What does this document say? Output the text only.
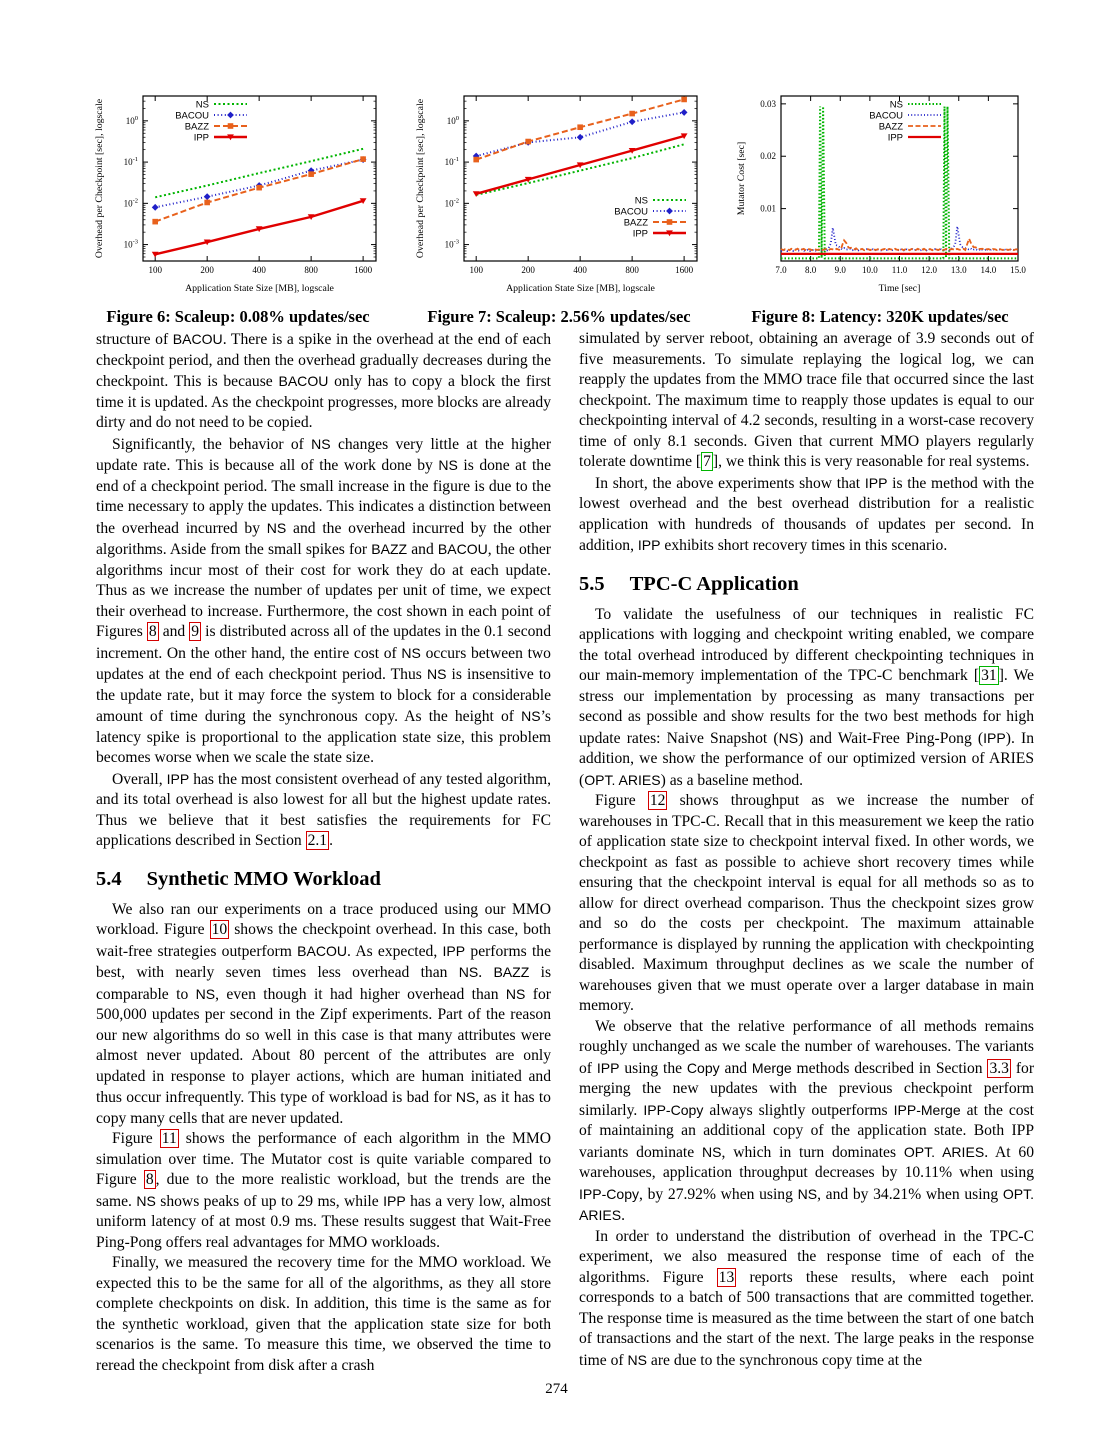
100	200	400	800	1600
$10^{-3}$
$10^{-2}$
$10^{-1}$
$10^0$
NS
BACOU
BAZZ
IPP
Application State Size [MB], logscale
Overhead per Checkpoint [sec], logscale
Figure 6: Scaleup: 0.08% updates/sec
100	200	400	800	1600
$10^{-3}$
$10^{-2}$
$10^{-1}$
$10^0$
NS
BACOU
BAZZ
IPP
Application State Size [MB], logscale
Overhead per Checkpoint [sec], logscale
Figure 7: Scaleup: 2.56% updates/sec
7.0 8.0 9.0 10.0 11.0 12.0 13.0 14.0 15.0
0.01
0.02
0.03	NS
BACOU
BAZZ
IPP
Time [sec]
Mutator Cost [sec]
Figure 8: Latency: 320K updates/sec

structure of BACOU. There is a spike in the overhead at the end of each checkpoint period, and then the overhead gradually decreases during the checkpoint. This is because BACOU only has to copy a block the first time it is updated. As the checkpoint progresses, more blocks are already dirty and do not need to be copied.

Significantly, the behavior of NS changes very little at the higher update rate. This is because all of the work done by NS is done at the end of a checkpoint period. The small increase in the figure is due to the time necessary to apply the updates. This indicates a distinction between the overhead incurred by NS and the overhead incurred by the other algorithms. Aside from the small spikes for BAZZ and BACOU, the other algorithms incur most of their cost for work they do at each update. Thus as we increase the number of updates per unit of time, we expect their overhead to increase. Furthermore, the cost shown in each point of Figures 8 and 9 is distributed across all of the updates in the 0.1 second increment. On the other hand, the entire cost of NS occurs between two updates at the end of each checkpoint period. Thus NS is insensitive to the update rate, but it may force the system to block for a considerable amount of time during the synchronous copy. As the height of NS’s latency spike is proportional to the application state size, this problem becomes worse when we scale the state size.

Overall, IPP has the most consistent overhead of any tested algorithm, and its total overhead is also lowest for all but the highest update rates. Thus we believe that it best satisfies the requirements for FC applications described in Section 2.1 .

5.4 Synthetic MMO Workload

We also ran our experiments on a trace produced using our MMO workload. Figure 10 shows the checkpoint overhead. In this case, both wait-free strategies outperform BACOU. As expected, IPP performs the best, with nearly seven times less overhead than NS. BAZZ is comparable to NS, even though it had higher overhead than NS for 500,000 updates per second in the Zipf experiments. Part of the reason our new algorithms do so well in this case is that many attributes were almost never updated. About 80 percent of the attributes are only updated in response to player actions, which are human initiated and thus occur infrequently. This type of workload is bad for NS, as it has to copy many cells that are never updated.

Figure 11 shows the performance of each algorithm in the MMO simulation over time. The Mutator cost is quite variable compared to Figure 8 , due to the more realistic workload, but the trends are the same. NS shows peaks of up to 29 ms, while IPP has a very low, almost uniform latency of at most 0.9 ms. These results suggest that Wait-Free Ping-Pong offers real advantages for MMO workloads.

Finally, we measured the recovery time for the MMO workload. We expected this to be the same for all of the algorithms, as they all store complete checkpoints on disk. In addition, this time is the same as for the synthetic workload, given that the application state size for both scenarios is the same. To measure this time, we observed the time to reread the checkpoint from disk after a crash

simulated by server reboot, obtaining an average of 3.9 seconds out of five measurements. To simulate replaying the logical log, we can reapply the updates from the MMO trace file that occurred since the last checkpoint. The maximum time to reapply those updates is equal to our checkpointing interval of 4.2 seconds, resulting in a worst-case recovery time of only 8.1 seconds. Given that current MMO players regularly tolerate downtime [ 7 ], we think this is very reasonable for real systems.

In short, the above experiments show that IPP is the method with the lowest overhead and the best overhead distribution for a realistic application with hundreds of thousands of updates per second. In addition, IPP exhibits short recovery times in this scenario.

5.5 TPC-C Application

To validate the usefulness of our techniques in realistic FC applications with logging and checkpoint writing enabled, we compare the total overhead introduced by different checkpointing techniques in our main-memory implementation of the TPC-C benchmark [ 31 ]. We stress our implementation by processing as many transactions per second as possible and show results for the two best methods for high update rates: Naive Snapshot (NS) and Wait-Free Ping-Pong (IPP). In addition, we show the performance of our optimized version of ARIES (OPT. ARIES) as a baseline method.

Figure 12 shows throughput as we increase the number of warehouses in TPC-C. Recall that in this measurement we keep the ratio of application state size to checkpoint interval fixed. In other words, we checkpoint as fast as possible to achieve short recovery times while ensuring that the checkpoint interval is equal for all methods so as to allow for direct overhead comparison. Thus the checkpoint sizes grow and so do the costs per checkpoint. The maximum attainable performance is displayed by running the application with checkpointing disabled. Maximum throughput declines as we scale the number of warehouses given that we must operate over a larger database in main memory.

We observe that the relative performance of all methods remains roughly unchanged as we scale the number of warehouses. The variants of IPP using the Copy and Merge methods described in Section 3.3 for merging the new updates with the previous checkpoint perform similarly. IPP-Copy always slightly outperforms IPP-Merge at the cost of maintaining an additional copy of the application state. Both IPP variants dominate NS, which in turn dominates OPT. ARIES. At 60 warehouses, application throughput decreases by 10.11% when using IPP-Copy, by 27.92% when using NS, and by 34.21% when using OPT. ARIES.

In order to understand the distribution of overhead in the TPC-C experiment, we also measured the response time of each of the algorithms. Figure 13 reports these results, where each point corresponds to a batch of 500 transactions that are committed together. The response time is measured as the time between the start of one batch of transactions and the start of the next. The large peaks in the response time of NS are due to the synchronous copy time at the

274
